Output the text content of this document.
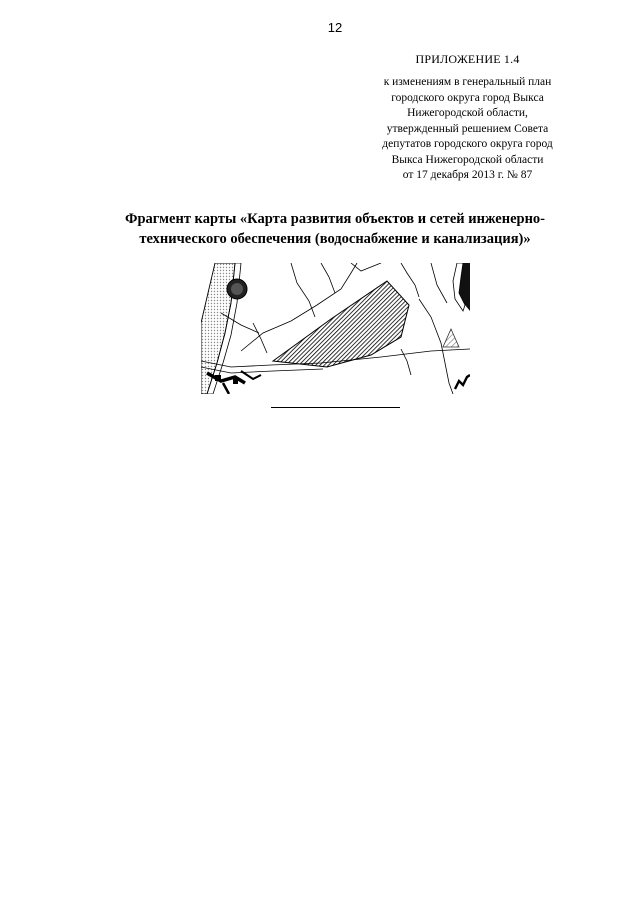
12
ПРИЛОЖЕНИЕ 1.4
к изменениям в генеральный план
городского округа город Выкса
Нижегородской области,
утвержденный решением Совета
депутатов городского округа город
Выкса Нижегородской области
от 17 декабря 2013 г. № 87
Фрагмент карты «Карта развития объектов и сетей инженерно-
технического обеспечения (водоснабжение и канализация)»
